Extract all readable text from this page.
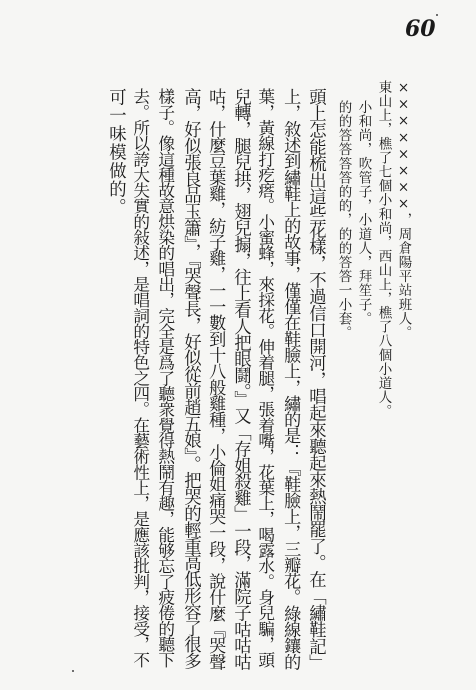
60
××××××××，周倉陽平站班人。
東山上，樵了七個小和尚，西山上，樵了八個小道人。
小和尚，吹管子，小道人，拜笙子。
的的答答答答的的，的的答答一小套。
頭上怎能梳出這些花樣，不過信口開河，唱起來聽起來熱鬧罷了。在「繡鞋記」
上，敘述到繡鞋上的故事，僅僅在鞋臉上，繡的是：『鞋臉上，三瓣花。綠線鑲的
葉，黃線打疙瘩。小蜜蜂，來採花。伸着腿，張着嘴，花葉上，喝露水。身兒騙，頭
兒轉，腿兒拱，翅兒搧，往上看人把眼鬪。』又「存姐殺雞」一段，滿院子咕咕咕
咕，什麼豆葉雞，紡子雞，一一數到十八般雞種，小倫姐痛哭一段，說什麼『哭聲
高，好似張良品玉簫』，『哭聲長，好似從前趙五娘』。把哭的輕重高低形容了很多
樣子。像這種故意烘染的唱出，完全是爲了聽衆覺得熱鬧有趣，能够忘了疲倦的聽下
去。所以誇大失實的敍述，是唱詞的特色之四。在藝術性上，是應該批判，接受，不
可一味模做的。
